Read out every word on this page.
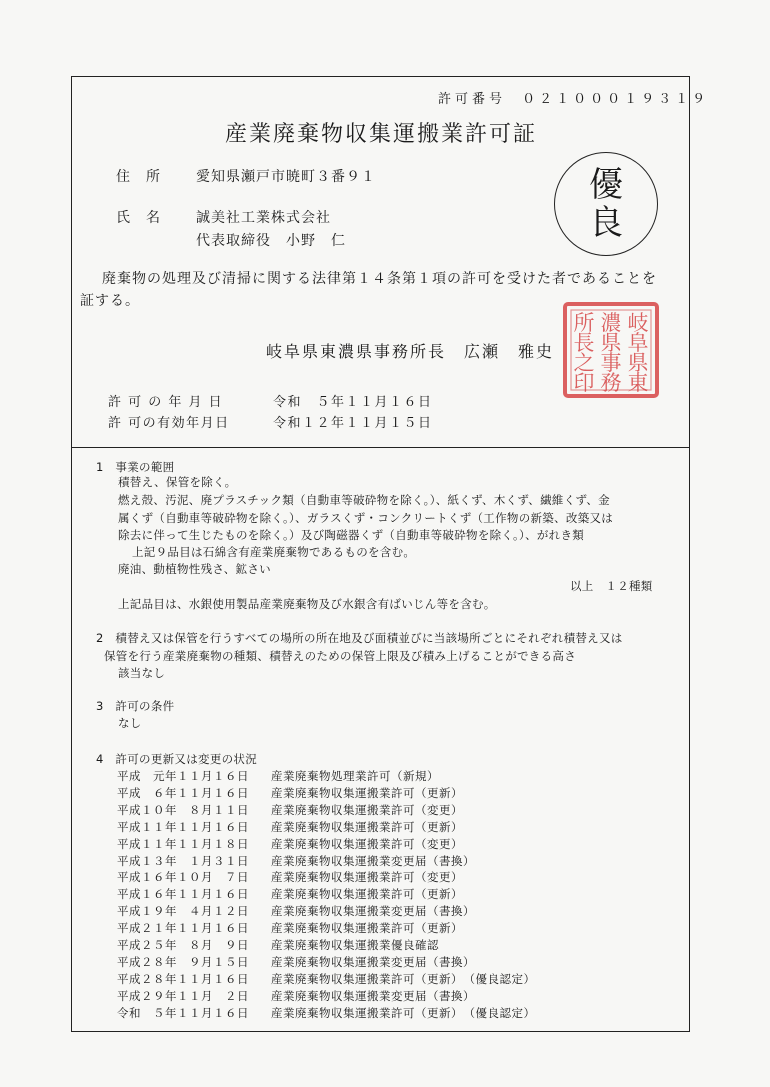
許可番号 ０２１０００１９３１９
産業廃棄物収集運搬業許可証
住　所	愛知県瀬戸市暁町３番９１
氏　名	誠美社工業株式会社
代表取締役　小野　仁
優
良
廃棄物の処理及び清掃に関する法律第１４条第１項の許可を受けた者であることを
証する。
岐阜県東濃県事務所長　広瀬　雅史
岐
阜
県
東
濃
県
事
務
所
長
之
印
許 可 の 年 月 日	令和　５年１１月１６日
許 可の有効年月日	令和１２年１１月１５日
1　事業の範囲
積替え、保管を除く。
燃え殻、汚泥、廃プラスチック類（自動車等破砕物を除く。）、紙くず、木くず、繊維くず、金
属くず（自動車等破砕物を除く。）、ガラスくず・コンクリートくず（工作物の新築、改築又は
除去に伴って生じたものを除く。）及び陶磁器くず（自動車等破砕物を除く。）、がれき類
上記９品目は石綿含有産業廃棄物であるものを含む。
廃油、動植物性残さ、鉱さい
以上　１２種類
上記品目は、水銀使用製品産業廃棄物及び水銀含有ばいじん等を含む。
2　積替え又は保管を行うすべての場所の所在地及び面積並びに当該場所ごとにそれぞれ積替え又は
保管を行う産業廃棄物の種類、積替えのための保管上限及び積み上げることができる高さ
該当なし
3　許可の条件
なし
4　許可の更新又は変更の状況
平成　元年１１月１６日 産業廃棄物処理業許可（新規）
平成　６年１１月１６日 産業廃棄物収集運搬業許可（更新）
平成１０年　８月１１日 産業廃棄物収集運搬業許可（変更）
平成１１年１１月１６日 産業廃棄物収集運搬業許可（更新）
平成１１年１１月１８日 産業廃棄物収集運搬業許可（変更）
平成１３年　１月３１日 産業廃棄物収集運搬業変更届（書換）
平成１６年１０月　７日 産業廃棄物収集運搬業許可（変更）
平成１６年１１月１６日 産業廃棄物収集運搬業許可（更新）
平成１９年　４月１２日 産業廃棄物収集運搬業変更届（書換）
平成２１年１１月１６日 産業廃棄物収集運搬業許可（更新）
平成２５年　８月　９日 産業廃棄物収集運搬業優良確認
平成２８年　９月１５日 産業廃棄物収集運搬業変更届（書換）
平成２８年１１月１６日 産業廃棄物収集運搬業許可（更新）　（優良認定）
平成２９年１１月　２日 産業廃棄物収集運搬業変更届（書換）
令和　５年１１月１６日 産業廃棄物収集運搬業許可（更新）　（優良認定）
